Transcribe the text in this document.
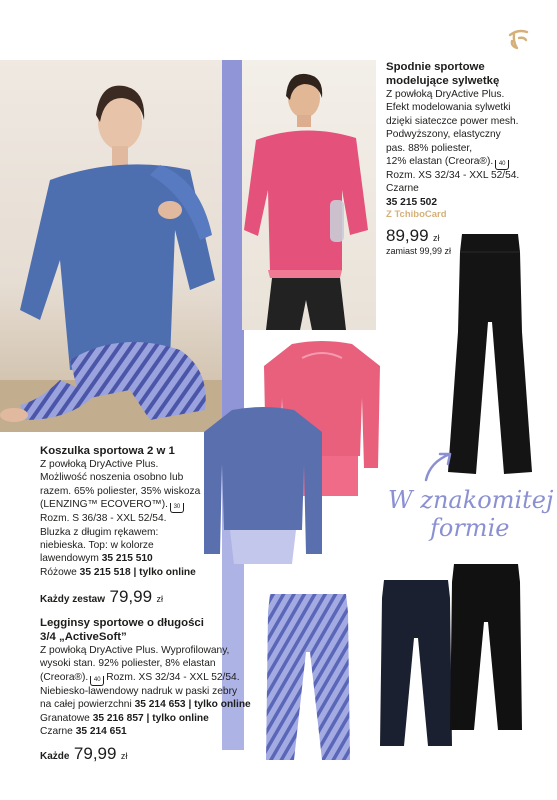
Spodnie sportowe
modelujące sylwetkę
Z powłoką DryActive Plus.
Efekt modelowania sylwetki
dzięki siateczce power mesh.
Podwyższony, elastyczny
pas. 88% poliester,
12% elastan (Creora®). 40
Rozm. XS 32/34 - XXL 52/54.
Czarne
35 215 502
Z TchiboCard
89,99 zł
zamiast 99,99 zł
W znakomitej
formie
Koszulka sportowa 2 w 1
Z powłoką DryActive Plus.
Możliwość noszenia osobno lub
razem. 65% poliester, 35% wiskoza
(LENZING™ ECOVERO™). 30
Rozm. S 36/38 - XXL 52/54.
Bluzka z długim rękawem:
niebieska. Top: w kolorze
lawendowym 35 215 510
Różowe 35 215 518 | tylko online
Każdy zestaw 79,99 zł
Legginsy sportowe o długości
3/4 „ActiveSoft”
Z powłoką DryActive Plus. Wyprofilowany,
wysoki stan. 92% poliester, 8% elastan
(Creora®). 40 Rozm. XS 32/34 - XXL 52/54.
Niebiesko-lawendowy nadruk w paski zebry
na całej powierzchni 35 214 653 | tylko online
Granatowe 35 216 857 | tylko online
Czarne 35 214 651
Każde 79,99 zł
